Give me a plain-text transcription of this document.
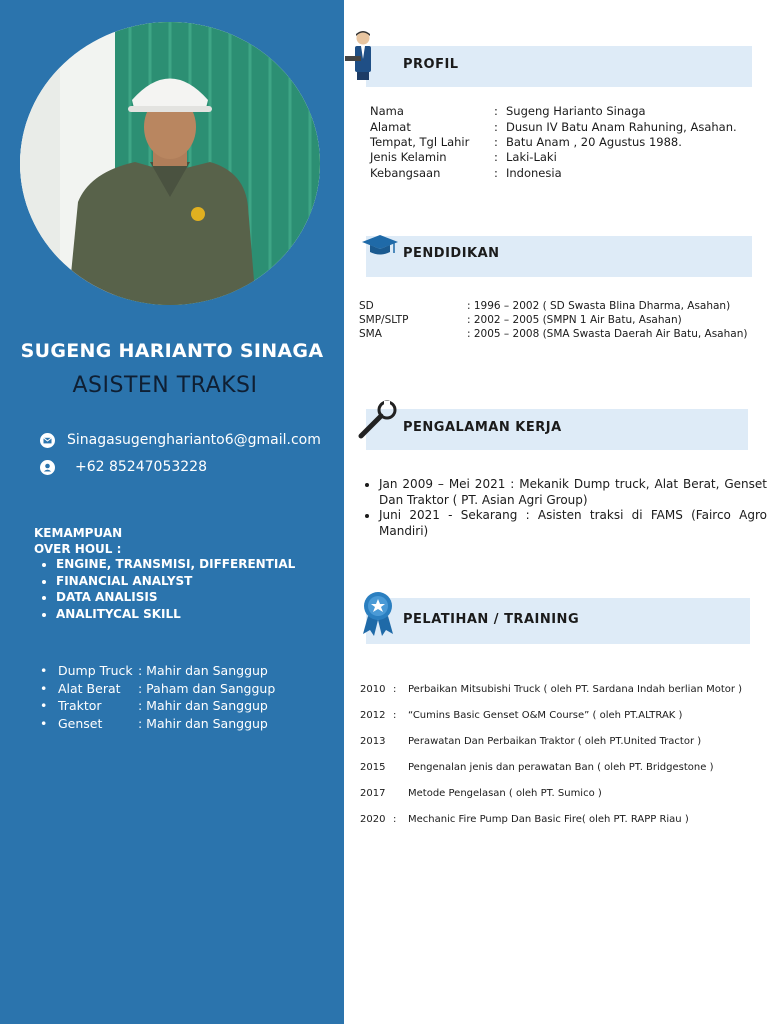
SUGENG HARIANTO SINAGA
ASISTEN TRAKSI
Sinagasugengharianto6@gmail.com
+62 85247053228
KEMAMPUAN
OVER HOUL :
• ENGINE, TRANSMISI, DIFFERENTIAL
• FINANCIAL ANALYST
• DATA ANALISIS
• ANALITYCAL SKILL
• Dump Truck : Mahir dan Sanggup
• Alat Berat	: Paham dan Sanggup
• Traktor	: Mahir dan Sanggup
• Genset	: Mahir dan Sanggup
PROFIL
Nama	: Sugeng Harianto Sinaga
Alamat	: Dusun IV Batu Anam Rahuning, Asahan.
Tempat, Tgl Lahir	: Batu Anam , 20 Agustus 1988.
Jenis Kelamin	: Laki-Laki
Kebangsaan	: Indonesia
PENDIDIKAN
SD	: 1996 – 2002 ( SD Swasta Blina Dharma, Asahan)
SMP/SLTP	: 2002 – 2005 (SMPN 1 Air Batu, Asahan)
SMA	: 2005 – 2008 (SMA Swasta Daerah Air Batu, Asahan)
PENGALAMAN KERJA
• Jan 2009 – Mei 2021 : Mekanik Dump truck, Alat Berat, Genset Dan Traktor ( PT. Asian Agri Group)
• Juni 2021 - Sekarang : Asisten traksi di FAMS (Fairco Agro Mandiri)
PELATIHAN / TRAINING
2010 :	Perbaikan Mitsubishi Truck ( oleh PT. Sardana Indah berlian Motor )
2012 :	“Cumins Basic Genset O&M Course” ( oleh PT.ALTRAK )
2013	Perawatan Dan Perbaikan Traktor ( oleh PT.United Tractor )
2015	Pengenalan jenis dan perawatan Ban ( oleh PT. Bridgestone )
2017	Metode Pengelasan ( oleh PT. Sumico )
2020 :	Mechanic Fire Pump Dan Basic Fire( oleh PT. RAPP Riau )
